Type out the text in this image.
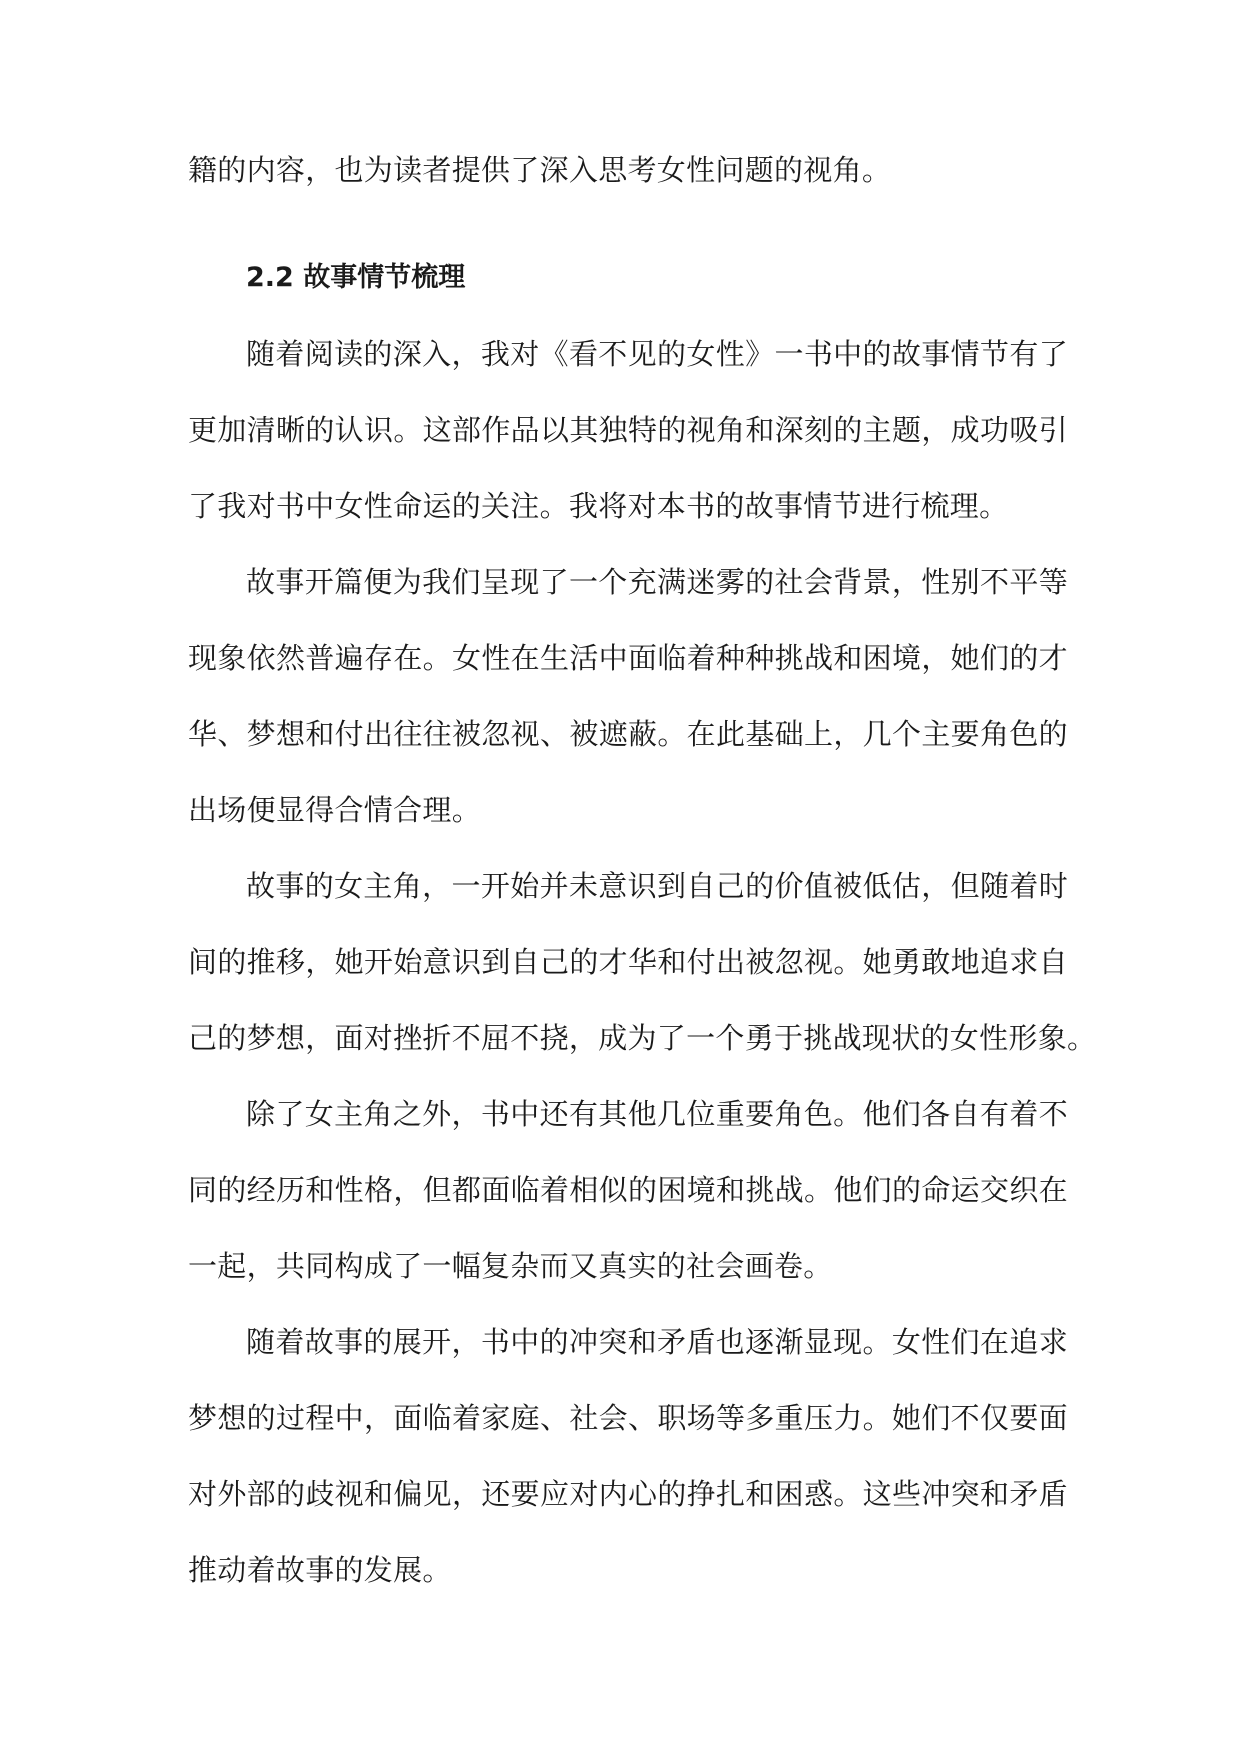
籍的内容，也为读者提供了深入思考女性问题的视角。
2.2 故事情节梳理
随着阅读的深入，我对《看不见的女性》一书中的故事情节有了
更加清晰的认识。这部作品以其独特的视角和深刻的主题，成功吸引
了我对书中女性命运的关注。我将对本书的故事情节进行梳理。
故事开篇便为我们呈现了一个充满迷雾的社会背景，性别不平等
现象依然普遍存在。女性在生活中面临着种种挑战和困境，她们的才
华、梦想和付出往往被忽视、被遮蔽。在此基础上，几个主要角色的
出场便显得合情合理。
故事的女主角，一开始并未意识到自己的价值被低估，但随着时
间的推移，她开始意识到自己的才华和付出被忽视。她勇敢地追求自
己的梦想，面对挫折不屈不挠，成为了一个勇于挑战现状的女性形象。
除了女主角之外，书中还有其他几位重要角色。他们各自有着不
同的经历和性格，但都面临着相似的困境和挑战。他们的命运交织在
一起，共同构成了一幅复杂而又真实的社会画卷。
随着故事的展开，书中的冲突和矛盾也逐渐显现。女性们在追求
梦想的过程中，面临着家庭、社会、职场等多重压力。她们不仅要面
对外部的歧视和偏见，还要应对内心的挣扎和困惑。这些冲突和矛盾
推动着故事的发展。
